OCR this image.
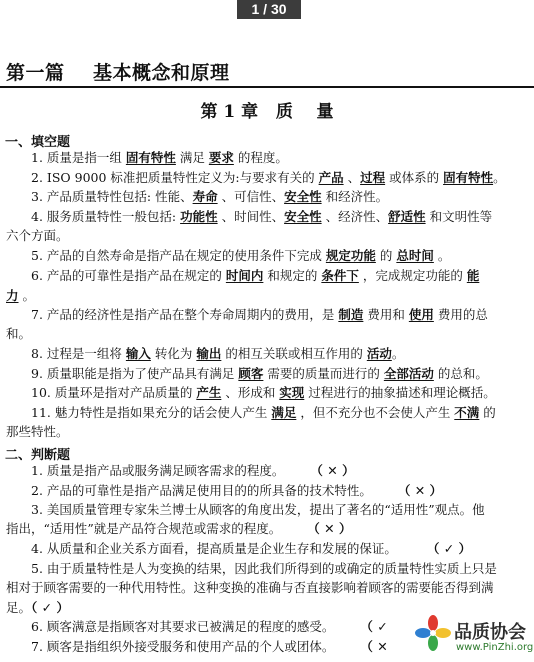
1 / 30
第一篇    基本概念和原理
第 1 章   质    量
一、填空题
1. 质量是指一组 固有特性 满足 要求 的程度。
2. ISO 9000 标准把质量特性定义为:与要求有关的 产品 、过程 或体系的 固有特性。
3. 产品质量特性包括: 性能、寿命 、可信性、安全性 和经济性。
4. 服务质量特性一般包括: 功能性 、时间性、安全性 、经济性、舒适性 和文明性等
六个方面。
5. 产品的自然寿命是指产品在规定的使用条件下完成 规定功能 的 总时间 。
6. 产品的可靠性是指产品在规定的 时间内 和规定的 条件下 ，完成规定功能的 能
力 。
7. 产品的经济性是指产品在整个寿命周期内的费用，是 制造 费用和 使用 费用的总
和。
8. 过程是一组将 输入 转化为 输出 的相互关联或相互作用的 活动。
9. 质量职能是指为了使产品具有满足 顾客 需要的质量而进行的 全部活动 的总和。
10. 质量环是指对产品质量的 产生 、形成和 实现 过程进行的抽象描述和理论概括。
11. 魅力特性是指如果充分的话会使人产生 满足 ，但不充分也不会使人产生 不满 的
那些特性。
二、判断题
1. 质量是指产品或服务满足顾客需求的程度。 （ ✕ ）
2. 产品的可靠性是指产品满足使用目的的所具备的技术特性。 （ ✕ ）
3. 美国质量管理专家朱兰博士从顾客的角度出发，提出了著名的“适用性”观点。他
指出，“适用性”就是产品符合规范或需求的程度。 （ ✕ ）
4. 从质量和企业关系方面看，提高质量是企业生存和发展的保证。 （ ✓ ）
5. 由于质量特性是人为变换的结果，因此我们所得到的或确定的质量特性实质上只是
相对于顾客需要的一种代用特性。这种变换的准确与否直接影响着顾客的需要能否得到满
足。（ ✓ ）
6. 顾客满意是指顾客对其要求已被满足的程度的感受。 （ ✓
7. 顾客是指组织外接受服务和使用产品的个人或团体。 （ ✕
品质协会
www.PinZhi.org
